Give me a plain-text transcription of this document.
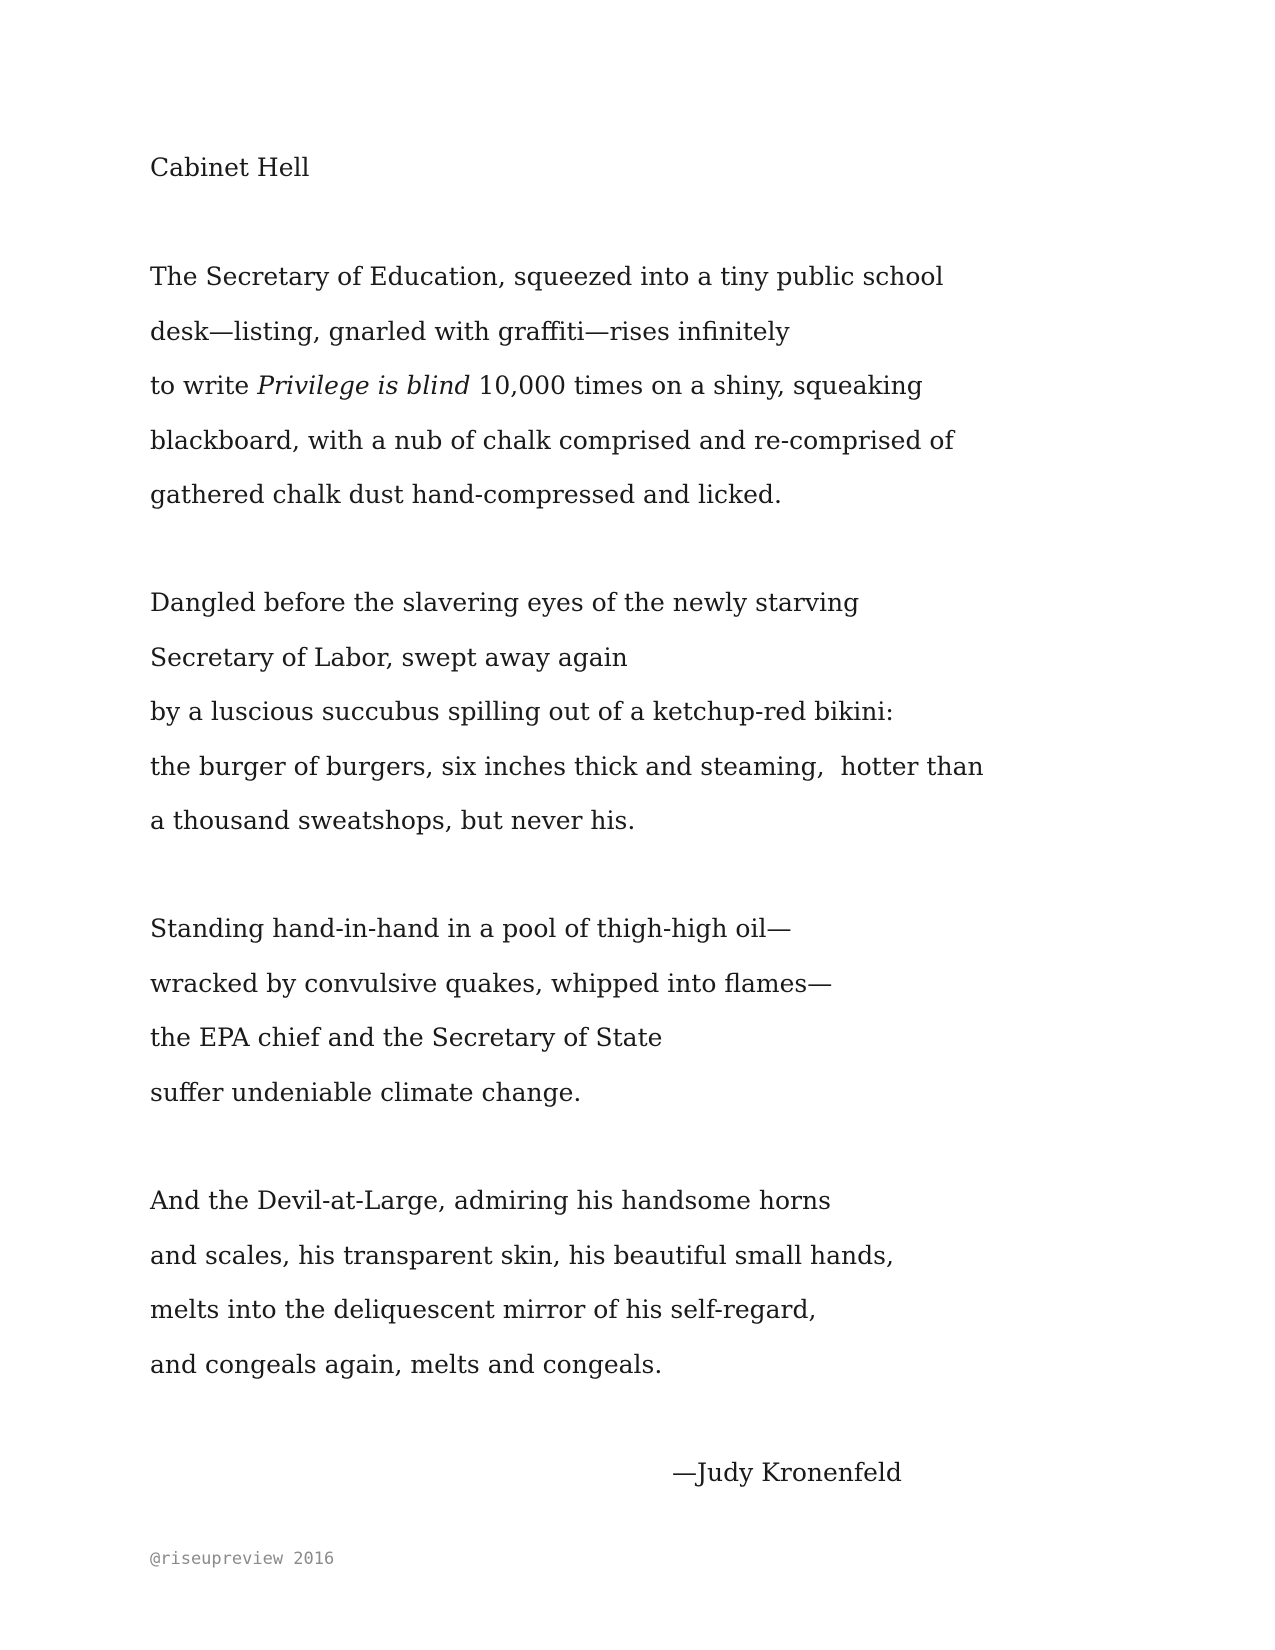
Cabinet Hell
The Secretary of Education, squeezed into a tiny public school
desk—listing, gnarled with graffiti—rises infinitely
to write Privilege is blind 10,000 times on a shiny, squeaking
blackboard, with a nub of chalk comprised and re-comprised of
gathered chalk dust hand-compressed and licked.
Dangled before the slavering eyes of the newly starving
Secretary of Labor, swept away again
by a luscious succubus spilling out of a ketchup-red bikini:
the burger of burgers, six inches thick and steaming,  hotter than
a thousand sweatshops, but never his.
Standing hand-in-hand in a pool of thigh-high oil—
wracked by convulsive quakes, whipped into flames—
the EPA chief and the Secretary of State
suffer undeniable climate change.
And the Devil-at-Large, admiring his handsome horns
and scales, his transparent skin, his beautiful small hands,
melts into the deliquescent mirror of his self-regard,
and congeals again, melts and congeals.
—Judy Kronenfeld
@riseupreview 2016
